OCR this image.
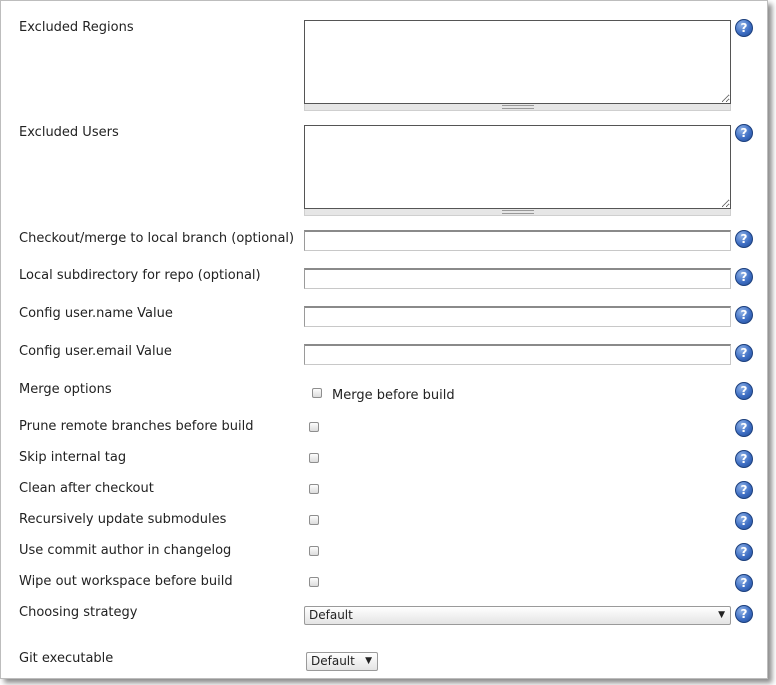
Excluded Regions	?
Excluded Users	?
Checkout/merge to local branch (optional)	?
Local subdirectory for repo (optional)	?
Config user.name Value	?
Config user.email Value	?
Merge options	Merge before build	?
Prune remote branches before build	?
Skip internal tag	?
Clean after checkout	?
Recursively update submodules	?
Use commit author in changelog	?
Wipe out workspace before build	?
Choosing strategy	Default	▼	?
Git executable	Default ▼
